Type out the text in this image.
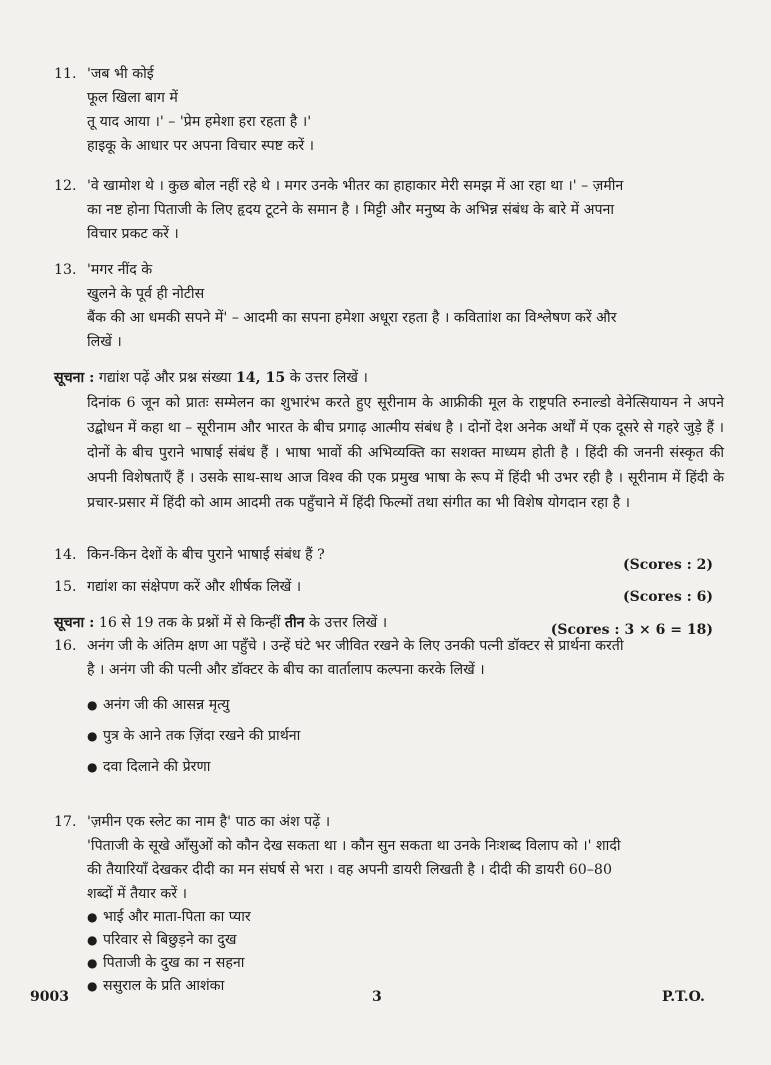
11. 'जब भी कोई
फूल खिला बाग में
तू याद आया ।' – 'प्रेम हमेशा हरा रहता है ।'
हाइकू के आधार पर अपना विचार स्पष्ट करें ।
12. 'वे खामोश थे । कुछ बोल नहीं रहे थे । मगर उनके भीतर का हाहाकार मेरी समझ में आ रहा था ।' – ज़मीन
का नष्ट होना पिताजी के लिए हृदय टूटने के समान है । मिट्टी और मनुष्य के अभिन्न संबंध के बारे में अपना
विचार प्रकट करें ।
13. 'मगर नींद के
खुलने के पूर्व ही नोटीस
बैंक की आ धमकी सपने में' – आदमी का सपना हमेशा अधूरा रहता है । कविताांश का विश्लेषण करें और
लिखें ।
सूचना : गद्यांश पढ़ें और प्रश्न संख्या 14, 15 के उत्तर लिखें ।
दिनांक 6 जून को प्रातः सम्मेलन का शुभारंभ करते हुए सूरीनाम के आफ्रीकी मूल के राष्ट्रपति रुनाल्डो वेनेत्सियायन ने अपने उद्बोधन में कहा था – सूरीनाम और भारत के बीच प्रगाढ़ आत्मीय संबंध है । दोनों देश अनेक अर्थों में एक दूसरे से गहरे जुड़े हैं । दोनों के बीच पुराने भाषाई संबंध हैं । भाषा भावों की अभिव्यक्ति का सशक्त माध्यम होती है । हिंदी की जननी संस्कृत की अपनी विशेषताएँ हैं । उसके साथ-साथ आज विश्व की एक प्रमुख भाषा के रूप में हिंदी भी उभर रही है । सूरीनाम में हिंदी के प्रचार-प्रसार में हिंदी को आम आदमी तक पहुँचाने में हिंदी फिल्मों तथा संगीत का भी विशेष योगदान रहा है ।
14. किन-किन देशों के बीच पुराने भाषाई संबंध हैं ?
(Scores : 2)
15. गद्यांश का संक्षेपण करें और शीर्षक लिखें ।
(Scores : 6)
सूचना : 16 से 19 तक के प्रश्नों में से किन्हीं तीन के उत्तर लिखें ।	(Scores : 3 × 6 = 18)
16. अनंग जी के अंतिम क्षण आ पहुँचे । उन्हें घंटे भर जीवित रखने के लिए उनकी पत्नी डॉक्टर से प्रार्थना करती
है । अनंग जी की पत्नी और डॉक्टर के बीच का वार्तालाप कल्पना करके लिखें ।
● अनंग जी की आसन्न मृत्यु
● पुत्र के आने तक ज़िंदा रखने की प्रार्थना
● दवा दिलाने की प्रेरणा
17. 'ज़मीन एक स्लेट का नाम है' पाठ का अंश पढ़ें ।
'पिताजी के सूखे आँसुओं को कौन देख सकता था । कौन सुन सकता था उनके निःशब्द विलाप को ।' शादी
की तैयारियाँ देखकर दीदी का मन संघर्ष से भरा । वह अपनी डायरी लिखती है । दीदी की डायरी 60–80
शब्दों में तैयार करें ।
● भाई और माता-पिता का प्यार
● परिवार से बिछुड़ने का दुख
● पिताजी के दुख का न सहना
● ससुराल के प्रति आशंका
9003	3	P.T.O.
